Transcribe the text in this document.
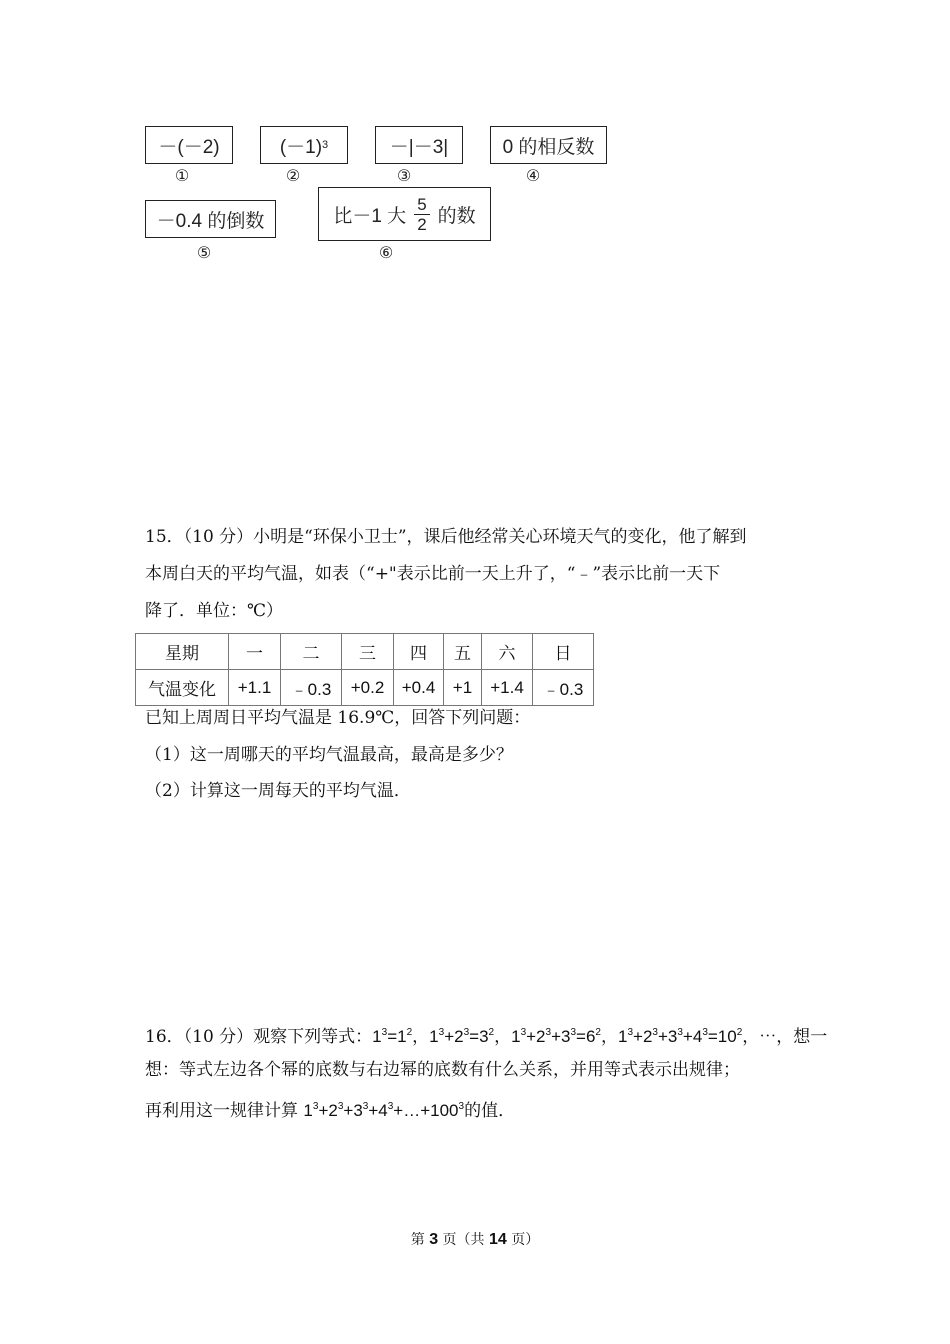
－(－2)	(－1) 3	－|－3|	0 的相反数
①	②	③	④
－0.4 的倒数	比－1 大 $\frac{5}{2}$ 的数
⑤	⑥
15．（10 分）小明是“环保小卫士”，课后他经常关心环境天气的变化，他了解到
本周白天的平均气温，如表（“+"表示比前一天上升了，“﹣”表示比前一天下
降了．单位：℃）
星期	一	二	三	四	五	六	日
气温变化	+1.1	﹣0.3	+0.2	+0.4	+1	+1.4	﹣0.3
已知上周周日平均气温是 16.9℃，回答下列问题：
（1）这一周哪天的平均气温最高，最高是多少？
（2）计算这一周每天的平均气温．
16．（10 分）观察下列等式：$1^3=1^2$，$1^3+2^3=3^2$，$1^3+2^3+3^3=6^2$，$1^3+2^3+3^3+4^3=10^2$，⋯，想一
想：等式左边各个幂的底数与右边幂的底数有什么关系，并用等式表示出规律；
再利用这一规律计算 $1^3+2^3+3^3+4^3+\dots+100^3$的值．
第 3 页（共 14 页）
